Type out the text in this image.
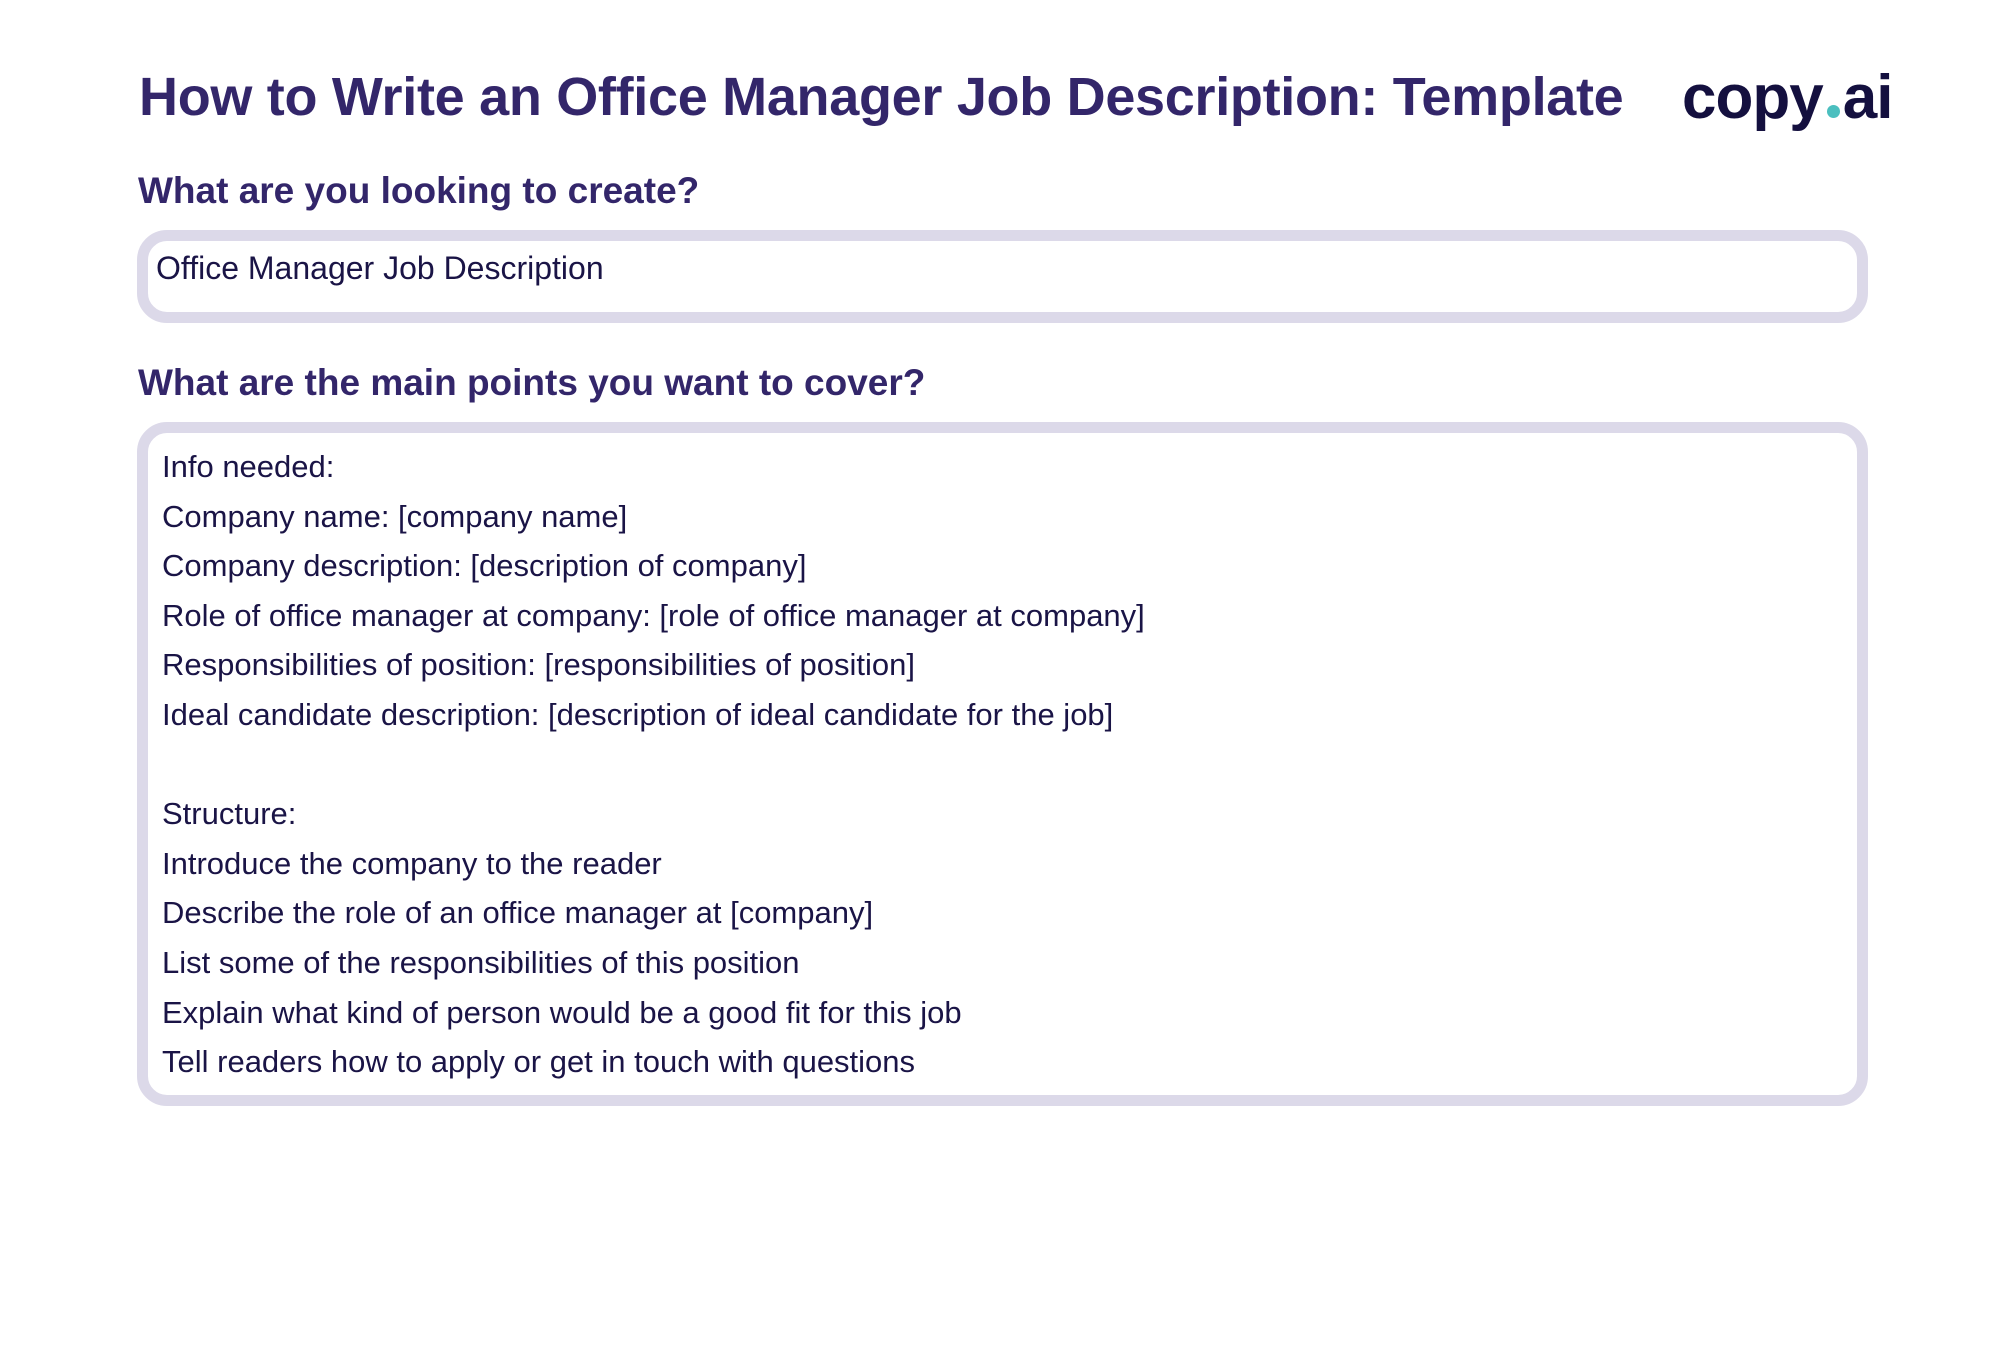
How to Write an Office Manager Job Description: Template copy ai
What are you looking to create?
Office Manager Job Description
What are the main points you want to cover?
Info needed:
Company name: [company name]
Company description: [description of company]
Role of office manager at company: [role of office manager at company]
Responsibilities of position: [responsibilities of position]
Ideal candidate description: [description of ideal candidate for the job]
Structure:
Introduce the company to the reader
Describe the role of an office manager at [company]
List some of the responsibilities of this position
Explain what kind of person would be a good fit for this job
Tell readers how to apply or get in touch with questions
